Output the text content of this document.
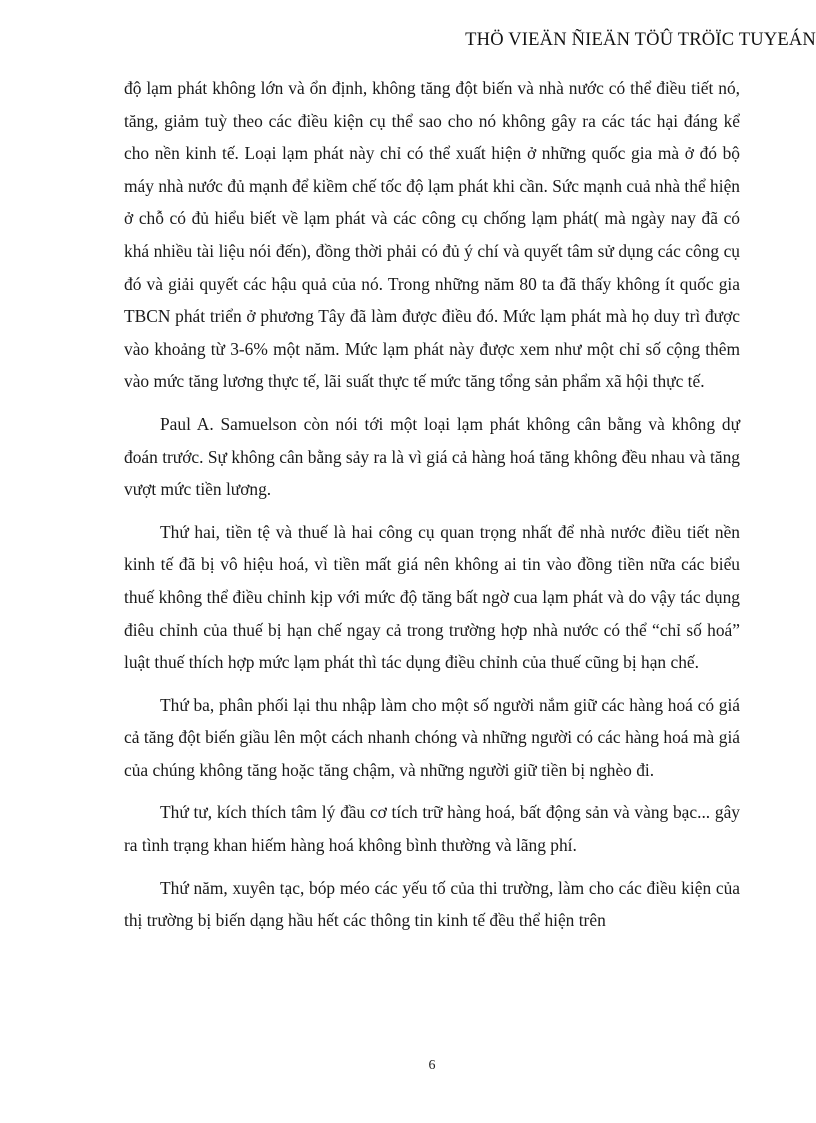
THÖ VIEÄN ÑIEÄN TÖÛ TRÖÏC TUYEÁN

độ lạm phát không lớn và ổn định, không tăng đột biến và nhà nước có thể điều tiết nó, tăng, giảm tuỳ theo các điều kiện cụ thể sao cho nó không gây ra các tác hại đáng kể cho nền kinh tế. Loại lạm phát này chỉ có thể xuất hiện ở những quốc gia mà ở đó bộ máy nhà nước đủ mạnh để kiềm chế tốc độ lạm phát khi cần. Sức mạnh cuả nhà thể hiện ở chỗ có đủ hiểu biết về lạm phát và các công cụ chống lạm phát( mà ngày nay đã có khá nhiều tài liệu nói đến), đồng thời phải có đủ ý chí và quyết tâm sử dụng các công cụ đó và giải quyết các hậu quả của nó. Trong những năm 80 ta đã thấy không ít quốc gia TBCN phát triển ở phương Tây đã làm được điều đó. Mức lạm phát mà họ duy trì được vào khoảng từ 3-6% một năm. Mức lạm phát này được xem như một chỉ số cộng thêm vào mức tăng lương thực tế, lãi suất thực tế mức tăng tổng sản phẩm xã hội thực tế.

Paul A. Samuelson còn nói tới một loại lạm phát không cân bằng và không dự đoán trước. Sự không cân bằng sảy ra là vì giá cả hàng hoá tăng không đều nhau và tăng vượt mức tiền lương.

Thứ hai, tiền tệ và thuế là hai công cụ quan trọng nhất để nhà nước điều tiết nền kinh tế đã bị vô hiệu hoá, vì tiền mất giá nên không ai tin vào đồng tiền nữa các biểu thuế không thể điều chỉnh kịp với mức độ tăng bất ngờ cua lạm phát và do vậy tác dụng điêu chỉnh của thuế bị hạn chế ngay cả trong trường hợp nhà nước có thể “chỉ số hoá” luật thuế thích hợp mức lạm phát thì tác dụng điều chỉnh của thuế cũng bị hạn chế.

Thứ ba, phân phối lại thu nhập làm cho một số người nắm giữ các hàng hoá có giá cả tăng đột biến giầu lên một cách nhanh chóng và những người có các hàng hoá mà giá của chúng không tăng hoặc tăng chậm, và những người giữ tiền bị nghèo đi.

Thứ tư, kích thích tâm lý đầu cơ tích trữ hàng hoá, bất động sản và vàng bạc... gây ra tình trạng khan hiếm hàng hoá không bình thường và lãng phí.

Thứ năm, xuyên tạc, bóp méo các yếu tố của thi trường, làm cho các điều kiện của thị trường bị biến dạng hầu hết các thông tin kinh tế đều thể hiện trên

6
